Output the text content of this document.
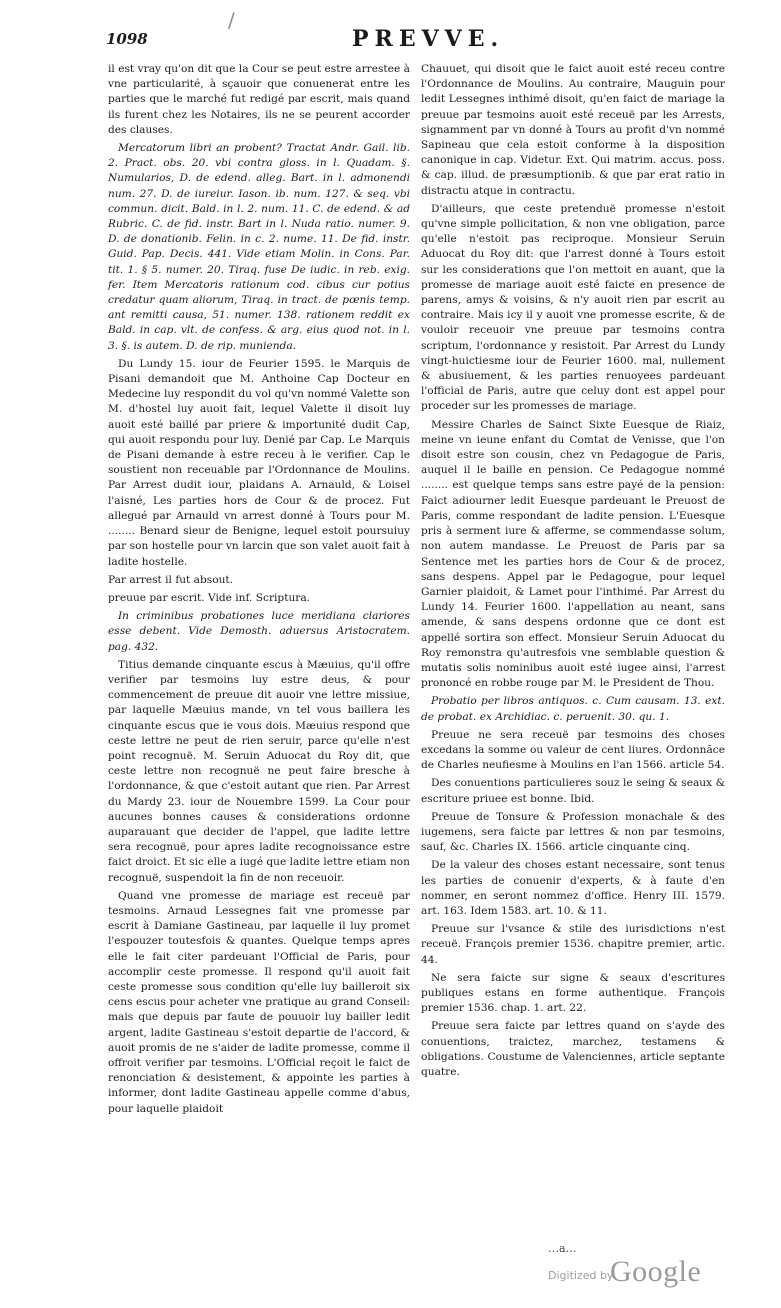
/
1098	PREVVE.

il est vray qu'on dit que la Cour se peut estre arrestee à vne particularité, à sçauoir que conuenerat entre les parties que le marché fut redigé par escrit, mais quand ils furent chez les Notaires, ils ne se peurent accorder des clauses.

Mercatorum libri an probent? Tractat Andr. Gail. lib. 2. Pract. obs. 20. vbi contra gloss. in l. Quadam. §. Numularios, D. de edend. alleg. Bart. in l. admonendi num. 27. D. de iureiur. Iason. ib. num. 127. & seq. vbi commun. dicit. Bald. in l. 2. num. 11. C. de edend. & ad Rubric. C. de fid. instr. Bart in l. Nuda ratio. numer. 9. D. de donationib. Felin. in c. 2. nume. 11. De fid. instr. Guid. Pap. Decis. 441. Vide etiam Molin. in Cons. Par. tit. 1. § 5. numer. 20. Tiraq. fuse De iudic. in reb. exig. fer. Item Mercatoris rationum cod. cibus cur potius credatur quam aliorum, Tiraq. in tract. de pœnis temp. ant remitti causa, 51. numer. 138. rationem reddit ex Bald. in cap. vlt. de confess. & arg. eius quod not. in l. 3. §. is autem. D. de rip. munienda.

Du Lundy 15. iour de Feurier 1595. le Marquis de Pisani demandoit que M. Anthoine Cap Docteur en Medecine luy respondit du vol qu'vn nommé Valette son M. d'hostel luy auoit fait, lequel Valette il disoit luy auoit esté baillé par priere & importunité dudit Cap, qui auoit respondu pour luy. Denié par Cap. Le Marquis de Pisani demande à estre receu à le verifier. Cap le soustient non receuable par l'Ordonnance de Moulins. Par Arrest dudit iour, plaidans A. Arnauld, & Loisel l'aisné, Les parties hors de Cour & de procez. Fut allegué par Arnauld vn arrest donné à Tours pour M. ........ Benard sieur de Benigne, lequel estoit poursuiuy par son hostelle pour vn larcin que son valet auoit fait à ladite hostelle.

Par arrest il fut absout.

preuue par escrit. Vide inf. Scriptura.

In criminibus probationes luce meridiana clariores esse debent. Vide Demosth. aduersus Aristocratem. pag. 432.

Titius demande cinquante escus à Mæuius, qu'il offre verifier par tesmoins luy estre deus, & pour commencement de preuue dit auoir vne lettre missiue, par laquelle Mæuius mande, vn tel vous baillera les cinquante escus que ie vous dois. Mæuius respond que ceste lettre ne peut de rien seruir, parce qu'elle n'est point recognuë. M. Seruin Aduocat du Roy dit, que ceste lettre non recognuë ne peut faire bresche à l'ordonnance, & que c'estoit autant que rien. Par Arrest du Mardy 23. iour de Nouembre 1599. La Cour pour aucunes bonnes causes & considerations ordonne auparauant que decider de l'appel, que ladite lettre sera recognuë, pour apres ladite recognoissance estre faict droict. Et sic elle a iugé que ladite lettre etiam non recognuë, suspendoit la fin de non receuoir.

Quand vne promesse de mariage est receuë par tesmoins. Arnaud Lessegnes fait vne promesse par escrit à Damiane Gastineau, par laquelle il luy promet l'espouzer toutesfois & quantes. Quelque temps apres elle le fait citer pardeuant l'Official de Paris, pour accomplir ceste promesse. Il respond qu'il auoit fait ceste promesse sous condition qu'elle luy bailleroit six cens escus pour acheter vne pratique au grand Conseil: mais que depuis par faute de pouuoir luy bailler ledit argent, ladite Gastineau s'estoit departie de l'accord, & auoit promis de ne s'aider de ladite promesse, comme il offroit verifier par tesmoins. L'Official reçoit le faict de renonciation & desistement, & appointe les parties à informer, dont ladite Gastineau appelle comme d'abus, pour laquelle plaidoit

Chauuet, qui disoit que le faict auoit esté receu contre l'Ordonnance de Moulins. Au contraire, Mauguin pour ledit Lessegnes inthimé disoit, qu'en faict de mariage la preuue par tesmoins auoit esté receuë par les Arrests, signamment par vn donné à Tours au profit d'vn nommé Sapineau que cela estoit conforme à la disposition canonique in cap. Videtur. Ext. Qui matrim. accus. poss. & cap. illud. de præsumptionib. & que par erat ratio in distractu atque in contractu.

D'ailleurs, que ceste pretenduë promesse n'estoit qu'vne simple pollicitation, & non vne obligation, parce qu'elle n'estoit pas reciproque. Monsieur Seruin Aduocat du Roy dit: que l'arrest donné à Tours estoit sur les considerations que l'on mettoit en auant, que la promesse de mariage auoit esté faicte en presence de parens, amys & voisins, & n'y auoit rien par escrit au contraire. Mais icy il y auoit vne promesse escrite, & de vouloir receuoir vne preuue par tesmoins contra scriptum, l'ordonnance y resistoit. Par Arrest du Lundy vingt-huictiesme iour de Feurier 1600. mal, nullement & abusiuement, & les parties renuoyees pardeuant l'official de Paris, autre que celuy dont est appel pour proceder sur les promesses de mariage.

Messire Charles de Sainct Sixte Euesque de Riaiz, meine vn ieune enfant du Comtat de Venisse, que l'on disoit estre son cousin, chez vn Pedagogue de Paris, auquel il le baille en pension. Ce Pedagogue nommé ........ est quelque temps sans estre payé de la pension: Faict adiourner ledit Euesque pardeuant le Preuost de Paris, comme respondant de ladite pension. L'Euesque pris à serment iure & afferme, se commendasse solum, non autem mandasse. Le Preuost de Paris par sa Sentence met les parties hors de Cour & de procez, sans despens. Appel par le Pedagogue, pour lequel Garnier plaidoit, & Lamet pour l'inthimé. Par Arrest du Lundy 14. Feurier 1600. l'appellation au neant, sans amende, & sans despens ordonne que ce dont est appellé sortira son effect. Monsieur Seruin Aduocat du Roy remonstra qu'autresfois vne semblable question & mutatis solis nominibus auoit esté iugee ainsi, l'arrest prononcé en robbe rouge par M. le President de Thou.

Probatio per libros antiquos. c. Cum causam. 13. ext. de probat. ex Archidiac. c. peruenit. 30. qu. 1.

Preuue ne sera receuë par tesmoins des choses excedans la somme ou valeur de cent liures. Ordonnãce de Charles neufiesme à Moulins en l'an 1566. article 54.

Des conuentions particulieres souz le seing & seaux & escriture priuee est bonne. Ibid.

Preuue de Tonsure & Profession monachale & des iugemens, sera faicte par lettres & non par tesmoins, sauf, &c. Charles IX. 1566. article cinquante cinq.

De la valeur des choses estant necessaire, sont tenus les parties de conuenir d'experts, & à faute d'en nommer, en seront nommez d'office. Henry III. 1579. art. 163. Idem 1583. art. 10. & 11.

Preuue sur l'vsance & stile des iurisdictions n'est receuë. François premier 1536. chapitre premier, artic. 44.

Ne sera faicte sur signe & seaux d'escritures publiques estans en forme authentique. François premier 1536. chap. 1. art. 22.

Preuue sera faicte par lettres quand on s'ayde des conuentions, traictez, marchez, testamens & obligations. Coustume de Valenciennes, article septante quatre.

…a…
Digitized by
Google
